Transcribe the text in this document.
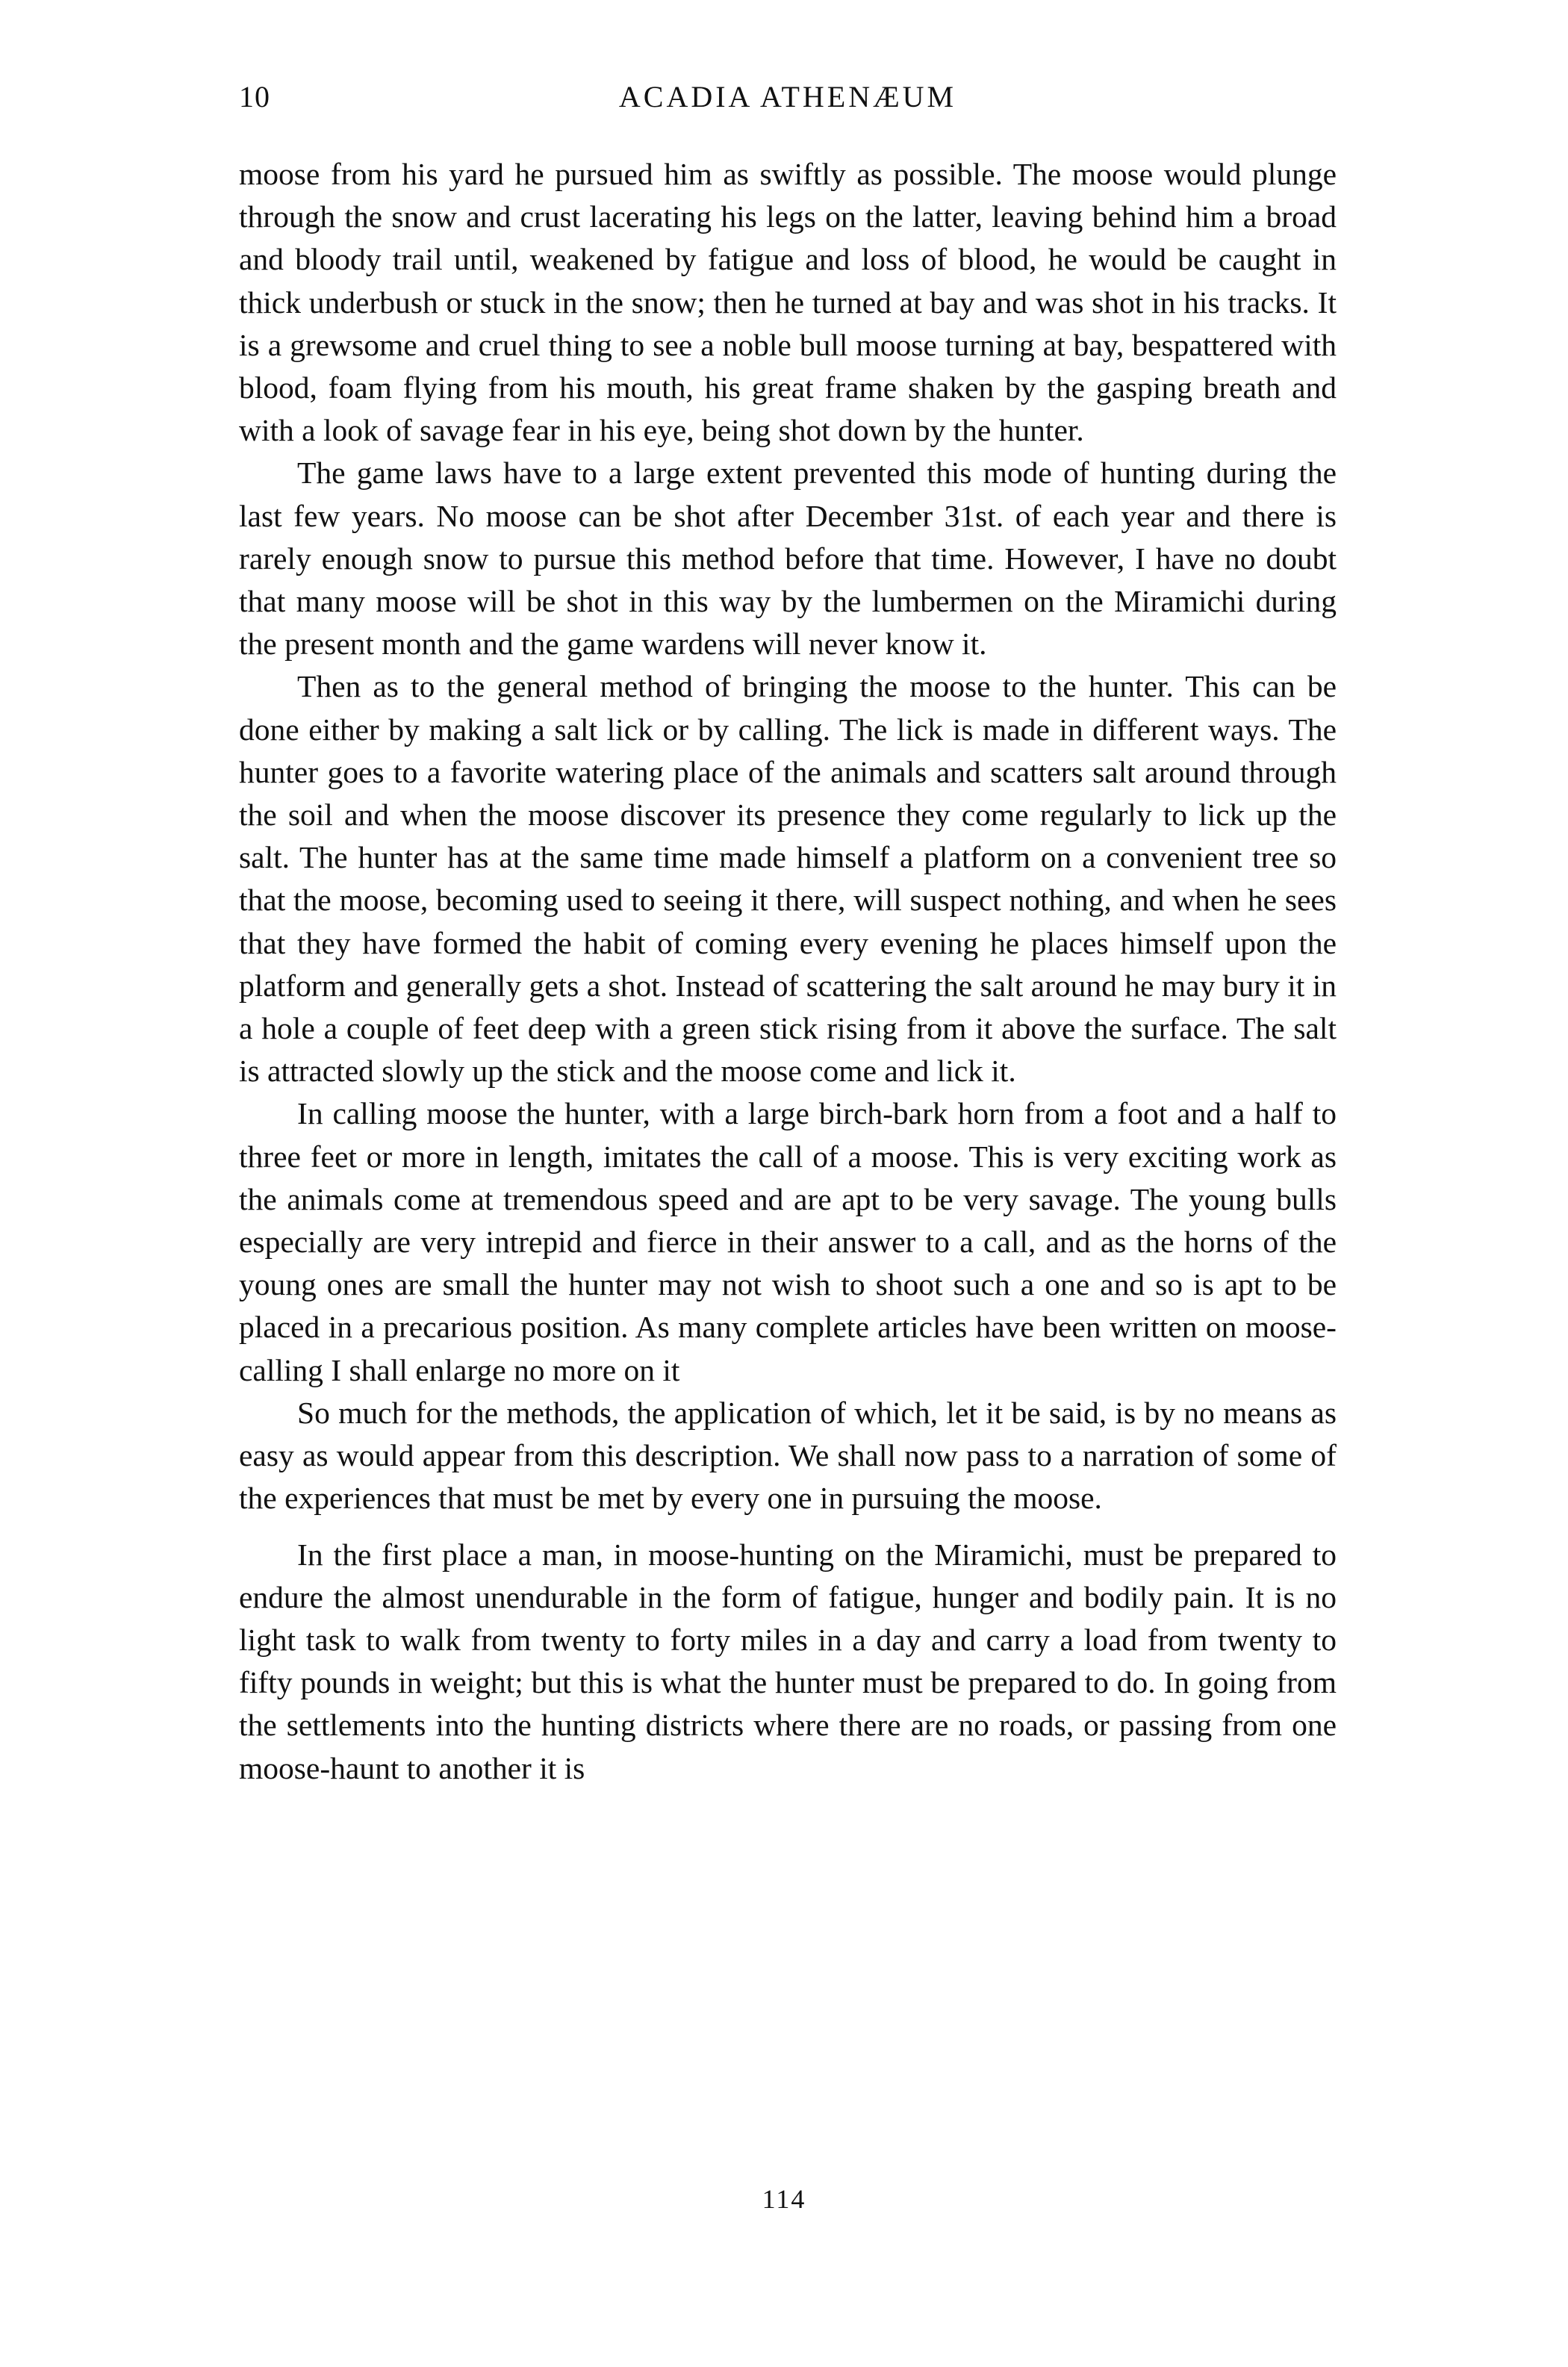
10	ACADIA ATHENÆUM

moose from his yard he pursued him as swiftly as possible. The moose would plunge through the snow and crust lacerating his legs on the latter, leaving behind him a broad and bloody trail until, weakened by fatigue and loss of blood, he would be caught in thick underbush or stuck in the snow; then he turned at bay and was shot in his tracks. It is a grewsome and cruel thing to see a noble bull moose turning at bay, bespattered with blood, foam flying from his mouth, his great frame shaken by the gasping breath and with a look of savage fear in his eye, being shot down by the hunter.

The game laws have to a large extent prevented this mode of hunting during the last few years. No moose can be shot after December 31st. of each year and there is rarely enough snow to pursue this method before that time. However, I have no doubt that many moose will be shot in this way by the lumbermen on the Miramichi during the present month and the game wardens will never know it.

Then as to the general method of bringing the moose to the hunter. This can be done either by making a salt lick or by calling. The lick is made in different ways. The hunter goes to a favorite watering place of the animals and scatters salt around through the soil and when the moose discover its presence they come regularly to lick up the salt. The hunter has at the same time made himself a platform on a convenient tree so that the moose, becoming used to seeing it there, will suspect nothing, and when he sees that they have formed the habit of coming every evening he places himself upon the platform and generally gets a shot. Instead of scattering the salt around he may bury it in a hole a couple of feet deep with a green stick rising from it above the surface. The salt is attracted slowly up the stick and the moose come and lick it.

In calling moose the hunter, with a large birch-bark horn from a foot and a half to three feet or more in length, imitates the call of a moose. This is very exciting work as the animals come at tremendous speed and are apt to be very savage. The young bulls especially are very intrepid and fierce in their answer to a call, and as the horns of the young ones are small the hunter may not wish to shoot such a one and so is apt to be placed in a precarious position. As many complete articles have been written on moose-calling I shall enlarge no more on it

So much for the methods, the application of which, let it be said, is by no means as easy as would appear from this description. We shall now pass to a narration of some of the experiences that must be met by every one in pursuing the moose.

In the first place a man, in moose-hunting on the Miramichi, must be prepared to endure the almost unendurable in the form of fatigue, hunger and bodily pain. It is no light task to walk from twenty to forty miles in a day and carry a load from twenty to fifty pounds in weight; but this is what the hunter must be prepared to do. In going from the settlements into the hunting districts where there are no roads, or passing from one moose-haunt to another it is

114
